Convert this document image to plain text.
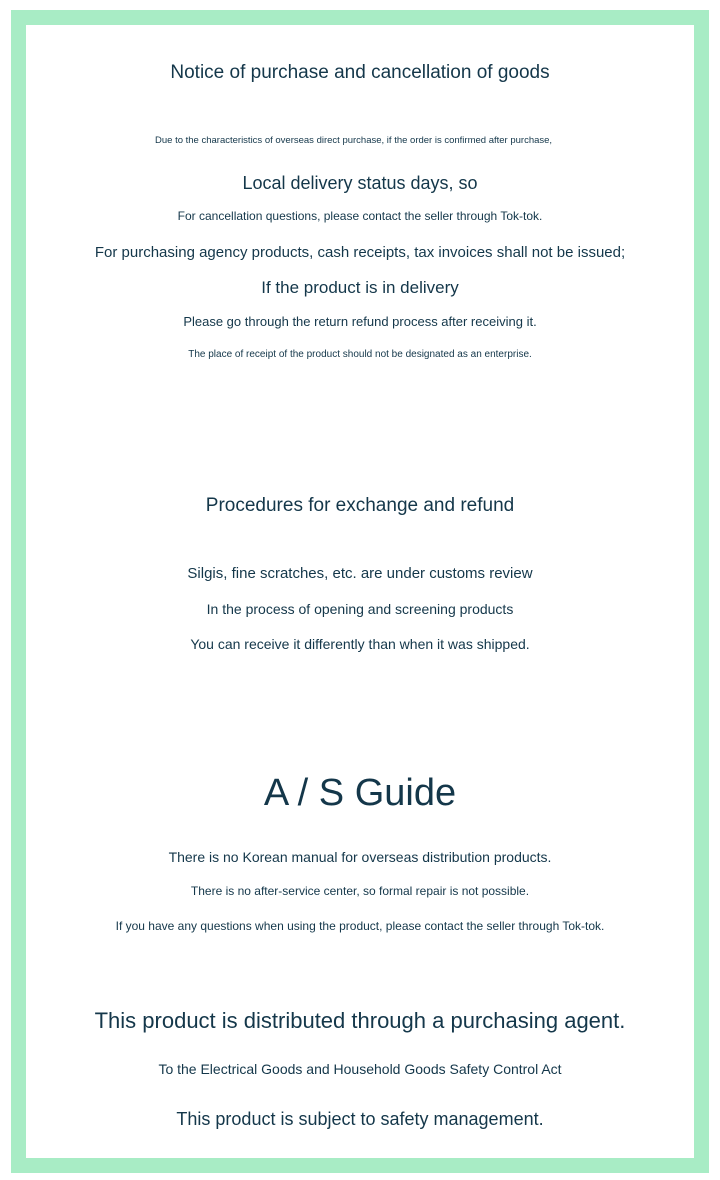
Notice of purchase and cancellation of goods

Due to the characteristics of overseas direct purchase, if the order is confirmed after purchase,

Local delivery status days, so

For cancellation questions, please contact the seller through Tok-tok.

For purchasing agency products, cash receipts, tax invoices shall not be issued;

If the product is in delivery

Please go through the return refund process after receiving it.

The place of receipt of the product should not be designated as an enterprise.

Procedures for exchange and refund

Silgis, fine scratches, etc. are under customs review

In the process of opening and screening products

You can receive it differently than when it was shipped.

A / S Guide

There is no Korean manual for overseas distribution products.

There is no after-service center, so formal repair is not possible.

If you have any questions when using the product, please contact the seller through Tok-tok.

This product is distributed through a purchasing agent.

To the Electrical Goods and Household Goods Safety Control Act

This product is subject to safety management.
